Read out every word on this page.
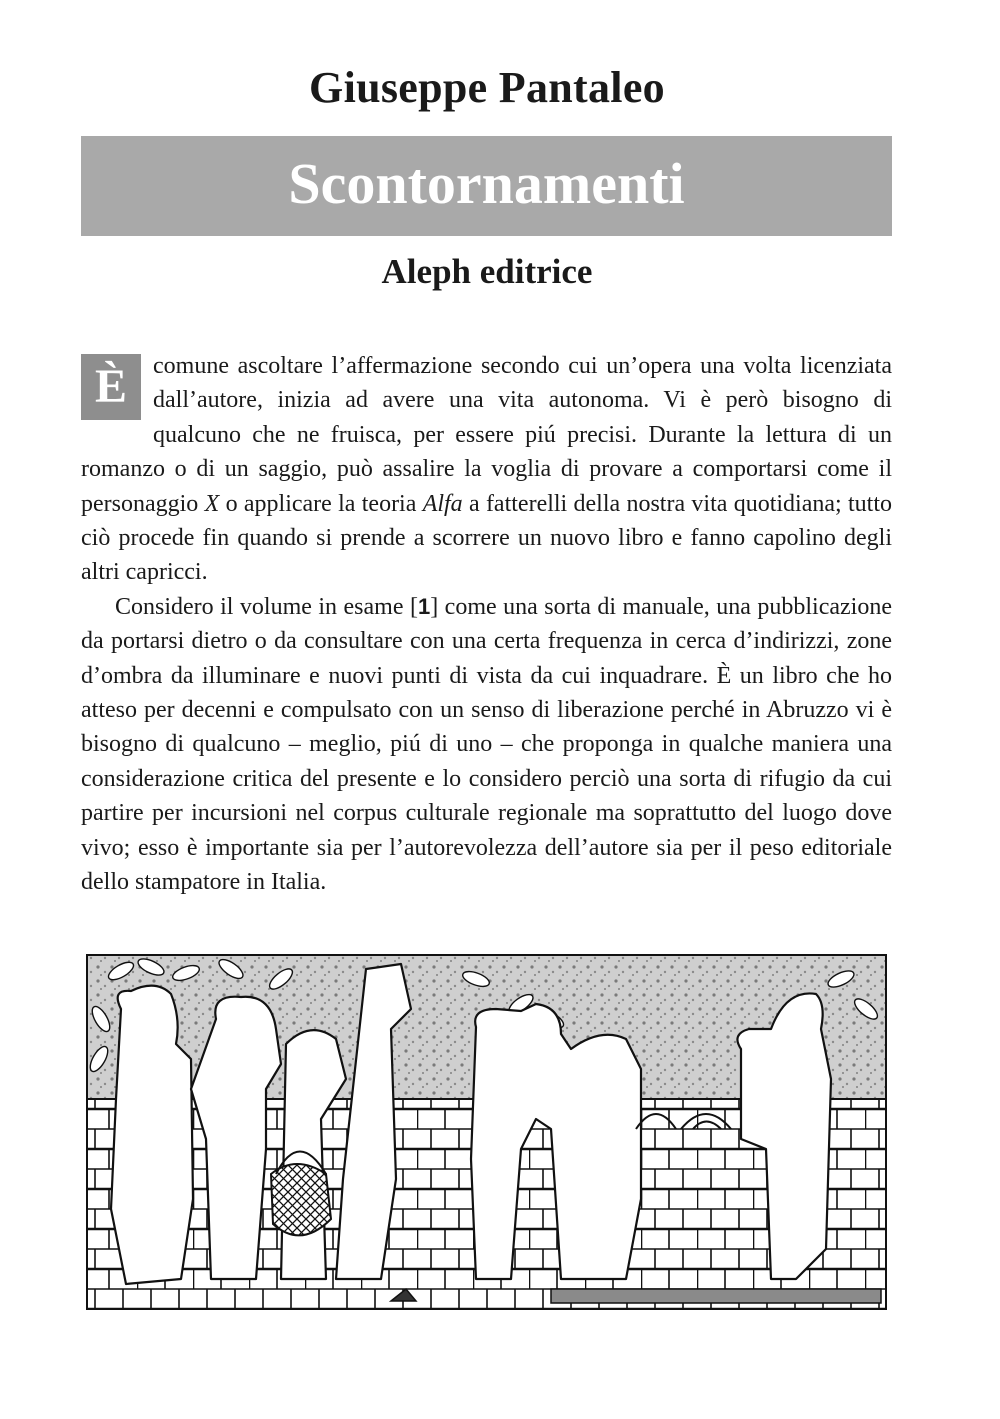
Giuseppe Pantaleo
Scontornamenti
Aleph editrice

È	comune ascoltare l’affermazione secondo cui un’opera una volta licenziata dall’autore, inizia ad avere una vita autonoma. Vi è però bisogno di qualcuno che ne fruisca, per essere piú precisi. Durante la lettura di un romanzo o di un saggio, può assalire la voglia di provare a comportarsi come il personaggio X o applicare la teoria Alfa a fatterelli della nostra vita quotidiana; tutto ciò procede fin quando si prende a scorrere un nuovo libro e fanno capolino degli altri capricci.

Considero il volume in esame [1] come una sorta di manuale, una pubblicazione da portarsi dietro o da consultare con una certa frequenza in cerca d’indirizzi, zone d’ombra da illuminare e nuovi punti di vista da cui inquadrare. È un libro che ho atteso per decenni e compulsato con un senso di liberazione perché in Abruzzo vi è bisogno di qualcuno – meglio, piú di uno – che proponga in qualche maniera una considerazione critica del presente e lo considero perciò una sorta di rifugio da cui partire per incursioni nel corpus culturale regionale ma soprattutto del luogo dove vivo; esso è importante sia per l’autorevolezza dell’autore sia per il peso editoriale dello stampatore in Italia.
